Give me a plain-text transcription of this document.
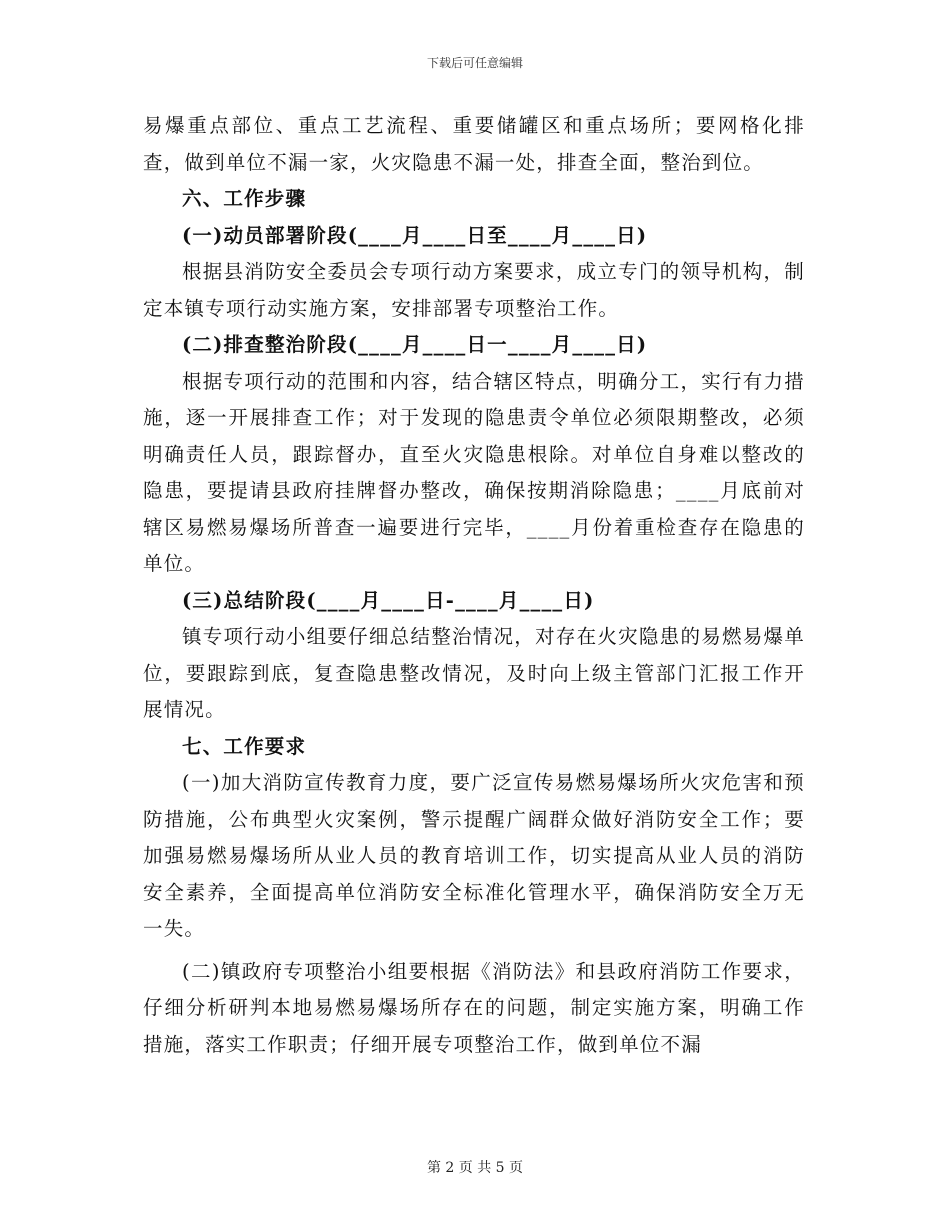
下载后可任意编辑

易爆重点部位、重点工艺流程、重要储罐区和重点场所；要网格化排查，做到单位不漏一家，火灾隐患不漏一处，排查全面，整治到位。

六、工作步骤

(一)动员部署阶段(____月____日至____月____日)

根据县消防安全委员会专项行动方案要求，成立专门的领导机构，制定本镇专项行动实施方案，安排部署专项整治工作。

(二)排查整治阶段(____月____日一____月____日)

根据专项行动的范围和内容，结合辖区特点，明确分工，实行有力措施，逐一开展排查工作；对于发现的隐患责令单位必须限期整改，必须明确责任人员，跟踪督办，直至火灾隐患根除。对单位自身难以整改的隐患，要提请县政府挂牌督办整改，确保按期消除隐患；____月底前对辖区易燃易爆场所普查一遍要进行完毕，____月份着重检查存在隐患的单位。

(三)总结阶段(____月____日-____月____日)

镇专项行动小组要仔细总结整治情况，对存在火灾隐患的易燃易爆单位，要跟踪到底，复查隐患整改情况，及时向上级主管部门汇报工作开展情况。

七、工作要求

(一)加大消防宣传教育力度，要广泛宣传易燃易爆场所火灾危害和预防措施，公布典型火灾案例，警示提醒广阔群众做好消防安全工作；要加强易燃易爆场所从业人员的教育培训工作，切实提高从业人员的消防安全素养，全面提高单位消防安全标准化管理水平，确保消防安全万无一失。

(二)镇政府专项整治小组要根据《消防法》和县政府消防工作要求，仔细分析研判本地易燃易爆场所存在的问题，制定实施方案，明确工作措施，落实工作职责；仔细开展专项整治工作，做到单位不漏

第 2 页 共 5 页
